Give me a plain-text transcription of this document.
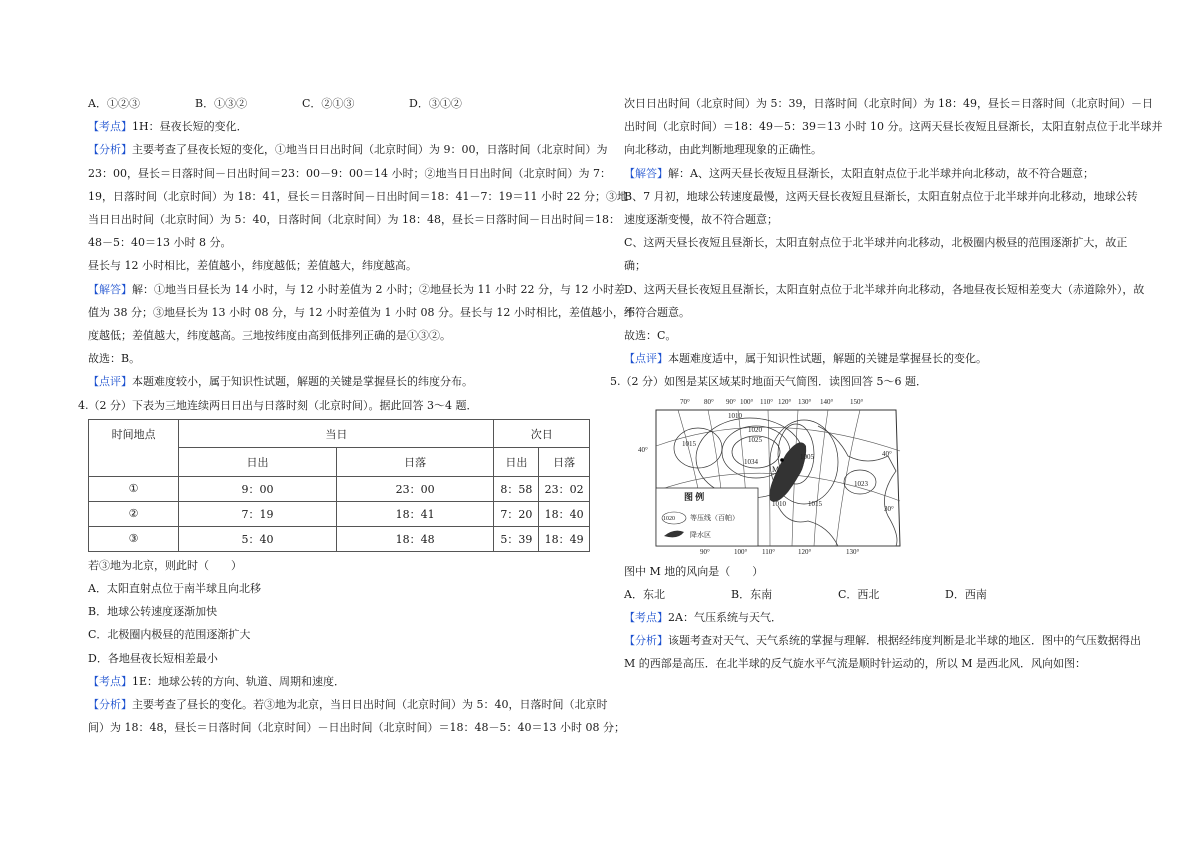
A．①②③	B．①③②	C．②①③	D．③①②

【考点】1H：昼夜长短的变化．

【分析】主要考查了昼夜长短的变化，①地当日日出时间（北京时间）为 9：00，日落时间（北京时间）为

23：00，昼长＝日落时间－日出时间＝23：00－9：00＝14 小时；②地当日日出时间（北京时间）为 7：

19，日落时间（北京时间）为 18：41，昼长＝日落时间－日出时间＝18：41－7：19＝11 小时 22 分；③地

当日日出时间（北京时间）为 5：40，日落时间（北京时间）为 18：48，昼长＝日落时间－日出时间＝18：

48－5：40＝13 小时 8 分。

昼长与 12 小时相比，差值越小，纬度越低；差值越大，纬度越高。

【解答】解：①地当日昼长为 14 小时，与 12 小时差值为 2 小时；②地昼长为 11 小时 22 分，与 12 小时差

值为 38 分；③地昼长为 13 小时 08 分，与 12 小时差值为 1 小时 08 分。昼长与 12 小时相比，差值越小，纬

度越低；差值越大，纬度越高。三地按纬度由高到低排列正确的是①③②。

故选：B。

【点评】本题难度较小，属于知识性试题，解题的关键是掌握昼长的纬度分布。

4.（2 分）下表为三地连续两日日出与日落时刻（北京时间）。据此回答 3～4 题．

时间地点	当日		次日	
	日出	日落	日出	日落
①	9：00	23：00	8：58	23：02
②	7：19	18：41	7：20	18：40
③	5：40	18：48	5：39	18：49

若③地为北京，则此时（　　）

A．太阳直射点位于南半球且向北移

B．地球公转速度逐渐加快

C．北极圈内极昼的范围逐渐扩大

D．各地昼夜长短相差最小

【考点】1E：地球公转的方向、轨道、周期和速度．

【分析】主要考查了昼长的变化。若③地为北京，当日日出时间（北京时间）为 5：40，日落时间（北京时

间）为 18：48，昼长＝日落时间（北京时间）－日出时间（北京时间）＝18：48－5：40＝13 小时 08 分；

次日日出时间（北京时间）为 5：39，日落时间（北京时间）为 18：49，昼长＝日落时间（北京时间）－日

出时间（北京时间）＝18：49－5：39＝13 小时 10 分。这两天昼长夜短且昼渐长，太阳直射点位于北半球并

向北移动，由此判断地理现象的正确性。

【解答】解：A、这两天昼长夜短且昼渐长，太阳直射点位于北半球并向北移动，故不符合题意；

B、7 月初，地球公转速度最慢，这两天昼长夜短且昼渐长，太阳直射点位于北半球并向北移动，地球公转

速度逐渐变慢，故不符合题意；

C、这两天昼长夜短且昼渐长，太阳直射点位于北半球并向北移动，北极圈内极昼的范围逐渐扩大，故正

确；

D、这两天昼长夜短且昼渐长，太阳直射点位于北半球并向北移动，各地昼夜长短相差变大（赤道除外），故

不符合题意。

故选：C。

【点评】本题难度适中，属于知识性试题，解题的关键是掌握昼长的变化。

5.（2 分）如图是某区域某时地面天气简图．读图回答 5～6 题．

70° 80° 90° 100° 110° 120° 130° 140° 150°
1010
1020
1025
1015
1034
1005
1010	1015
1023
M
40°	40°
30°
90°	100° 110°	120°	130°
图 例
1020 等压线（百帕）
降水区

图中 M 地的风向是（　　）

A．东北	B．东南	C．西北	D．西南

【考点】2A：气压系统与天气．

【分析】该题考查对天气、天气系统的掌握与理解．根据经纬度判断是北半球的地区．图中的气压数据得出

M 的西部是高压．在北半球的反气旋水平气流是顺时针运动的，所以 M 是西北风．风向如图：
